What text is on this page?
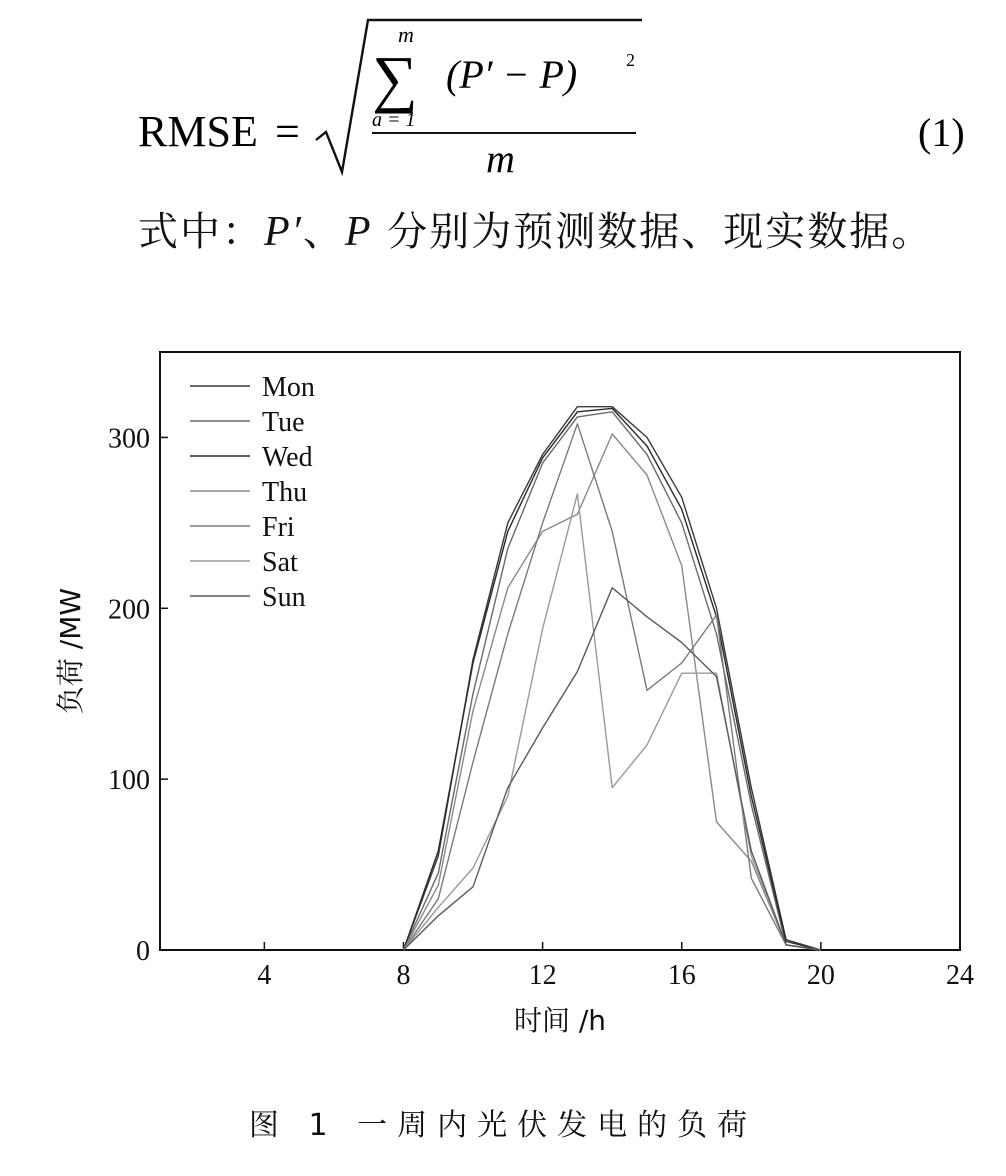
RMSE =
m
∑
a = 1
(P′ − P)	2
m
(1)
式中：P′、P 分别为预测数据、现实数据。
4	8	12	16	20	24
0
100
200
300
时间 /h
负荷 /MW
Mon
Tue
Wed
Thu
Fri
Sat
Sun
图 1 一周内光伏发电的负荷
